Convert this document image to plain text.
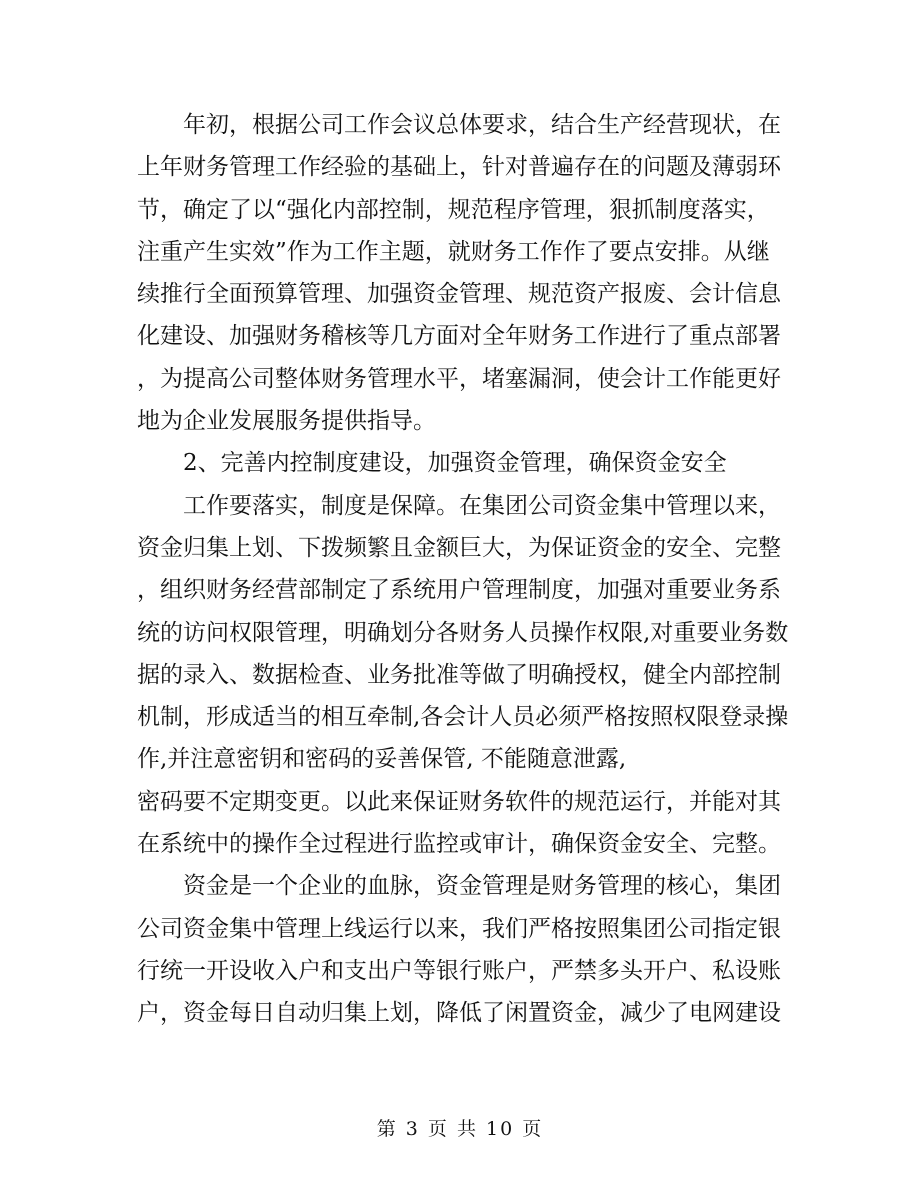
年初，根据公司工作会议总体要求，结合生产经营现状，在
上年财务管理工作经验的基础上，针对普遍存在的问题及薄弱环
节，确定了以“强化内部控制，规范程序管理，狠抓制度落实，
注重产生实效”作为工作主题，就财务工作作了要点安排。从继
续推行全面预算管理、加强资金管理、规范资产报废、会计信息
化建设、加强财务稽核等几方面对全年财务工作进行了重点部署
，为提高公司整体财务管理水平，堵塞漏洞，使会计工作能更好
地为企业发展服务提供指导。
2、完善内控制度建设，加强资金管理，确保资金安全
工作要落实，制度是保障。在集团公司资金集中管理以来，
资金归集上划、下拨频繁且金额巨大，为保证资金的安全、完整
，组织财务经营部制定了系统用户管理制度，加强对重要业务系
统的访问权限管理，明确划分各财务人员操作权限,对重要业务数
据的录入、数据检查、业务批准等做了明确授权，健全内部控制
机制，形成适当的相互牵制,各会计人员必须严格按照权限登录操
作,并注意密钥和密码的妥善保管, 不能随意泄露,
密码要不定期变更。以此来保证财务软件的规范运行，并能对其
在系统中的操作全过程进行监控或审计，确保资金安全、完整。
资金是一个企业的血脉，资金管理是财务管理的核心，集团
公司资金集中管理上线运行以来，我们严格按照集团公司指定银
行统一开设收入户和支出户等银行账户，严禁多头开户、私设账
户，资金每日自动归集上划，降低了闲置资金，减少了电网建设
第 3 页 共 10 页
